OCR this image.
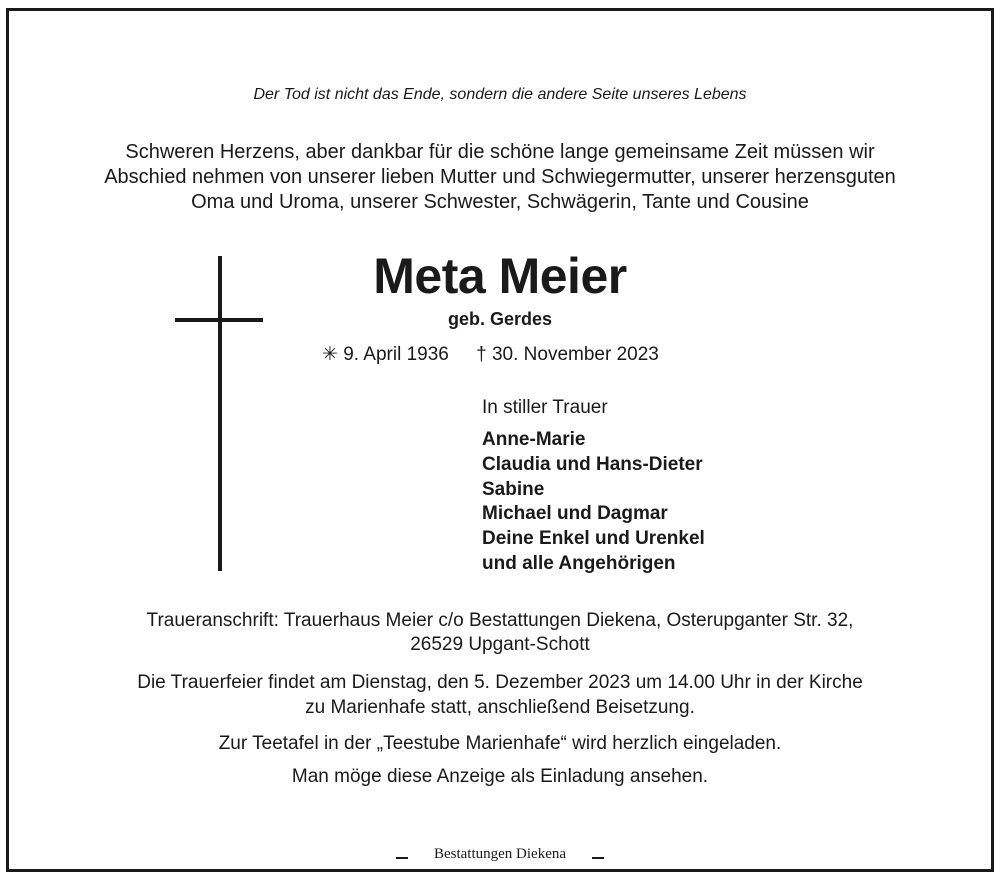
Der Tod ist nicht das Ende, sondern die andere Seite unseres Lebens
Schweren Herzens, aber dankbar für die schöne lange gemeinsame Zeit müssen wir
Abschied nehmen von unserer lieben Mutter und Schwiegermutter, unserer herzensguten
Oma und Uroma, unserer Schwester, Schwägerin, Tante und Cousine
Meta Meier
geb. Gerdes
✳ 9. April 1936 † 30. November 2023
In stiller Trauer
Anne-Marie
Claudia und Hans-Dieter
Sabine
Michael und Dagmar
Deine Enkel und Urenkel
und alle Angehörigen
Traueranschrift: Trauerhaus Meier c/o Bestattungen Diekena, Osterupganter Str. 32,
26529 Upgant-Schott
Die Trauerfeier findet am Dienstag, den 5. Dezember 2023 um 14.00 Uhr in der Kirche
zu Marienhafe statt, anschließend Beisetzung.
Zur Teetafel in der „Teestube Marienhafe“ wird herzlich eingeladen.
Man möge diese Anzeige als Einladung ansehen.
Bestattungen Diekena
